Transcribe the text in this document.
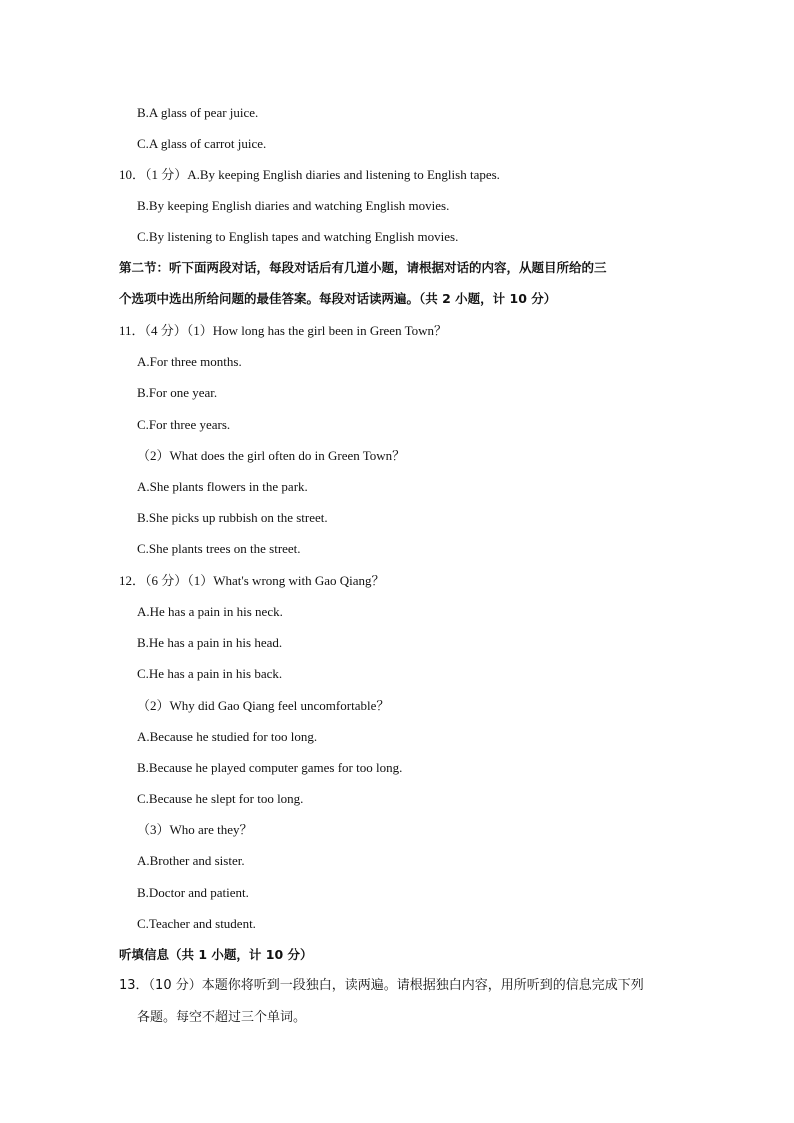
B.A glass of pear juice.
C.A glass of carrot juice.
10．（1 分）A.By keeping English diaries and listening to English tapes.
B.By keeping English diaries and watching English movies.
C.By listening to English tapes and watching English movies.
第二节：听下面两段对话，每段对话后有几道小题，请根据对话的内容，从题目所给的三
个选项中选出所给问题的最佳答案。每段对话读两遍。（共 2 小题，计 10 分）
11．（4 分）（1）How long has the girl been in Green Town？
A.For three months.
B.For one year.
C.For three years.
（2）What does the girl often do in Green Town？
A.She plants flowers in the park.
B.She picks up rubbish on the street.
C.She plants trees on the street.
12．（6 分）（1）What's wrong with Gao Qiang？
A.He has a pain in his neck.
B.He has a pain in his head.
C.He has a pain in his back.
（2）Why did Gao Qiang feel uncomfortable？
A.Because he studied for too long.
B.Because he played computer games for too long.
C.Because he slept for too long.
（3）Who are they？
A.Brother and sister.
B.Doctor and patient.
C.Teacher and student.
听填信息（共 1 小题，计 10 分）
13．（10 分）本题你将听到一段独白，读两遍。请根据独白内容，用所听到的信息完成下列
各题。每空不超过三个单词。
